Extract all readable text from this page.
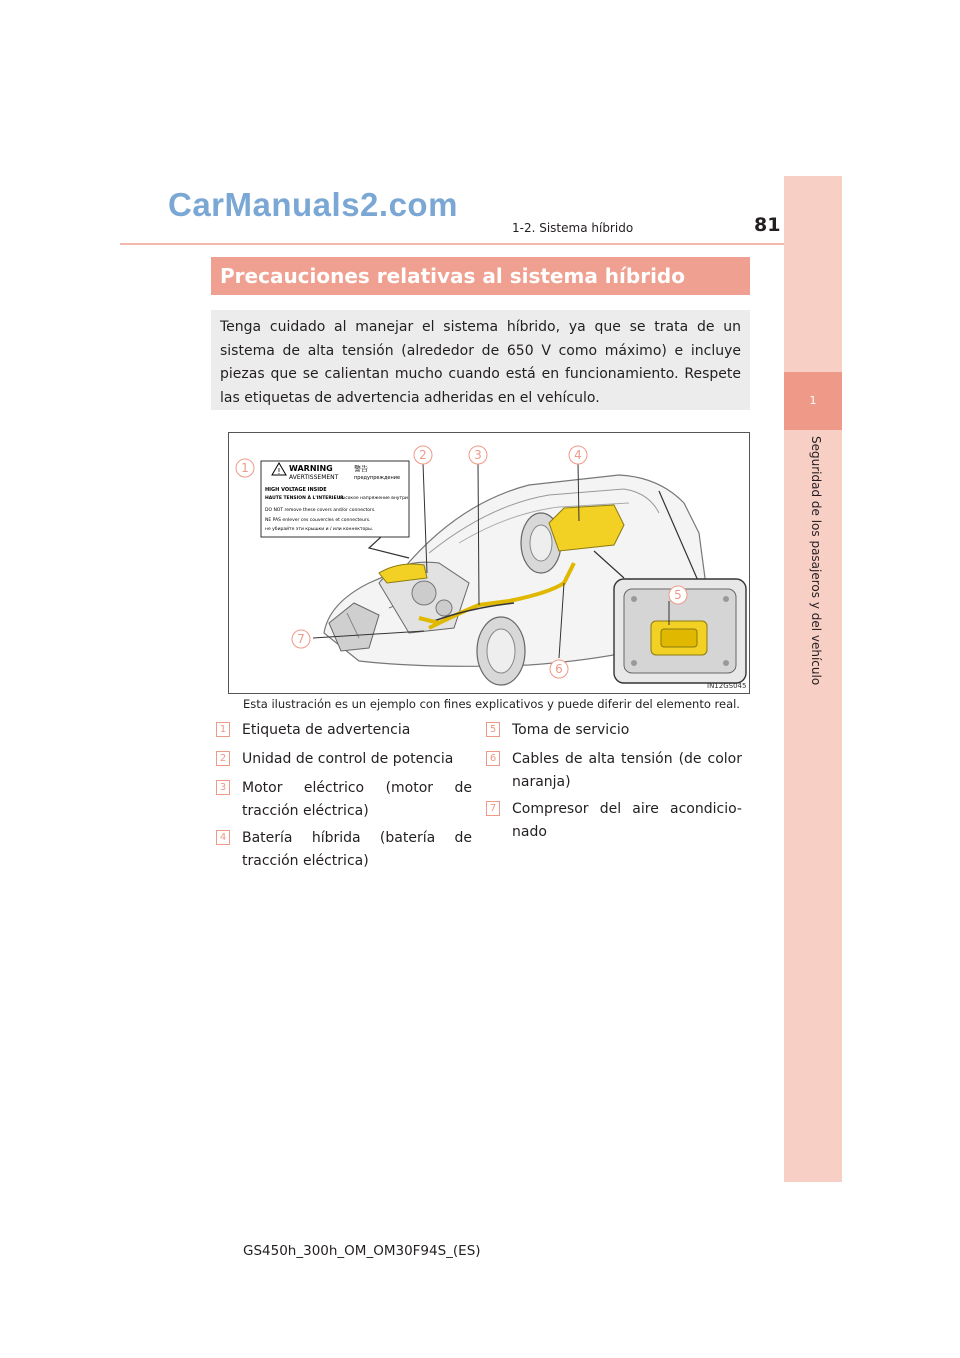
CarManuals2.com
1-2. Sistema híbrido	81
1
Seguridad de los pasajeros y del vehículo
Precauciones relativas al sistema híbrido
Tenga cuidado al manejar el sistema híbrido, ya que se trata de un sistema de alta tensión (alrededor de 650 V como máximo) e incluye piezas que se calientan mucho cuando está en funcionamiento. Respete las etiquetas de advertencia adheridas en el vehículo.
! WARNING	警告
AVERTISSEMENT	предупреждение
HIGH VOLTAGE INSIDE
HAUTE TENSION À L'INTERIEUR
высокое напряжение внутри
DO NOT remove these covers and/or connectors.
NE PAS enlever ces couvercles et connecteurs.
не убирайте эти крышки и / или коннекторы.
1
2	3	4
5
6
7
IN12GS045
Esta ilustración es un ejemplo con fines explicativos y puede diferir del elemento real.
1 Etiqueta de advertencia
2 Unidad de control de potencia
3 Motor eléctrico (motor de tracción eléctrica)
4 Batería híbrida (batería de tracción eléctrica)
5 Toma de servicio
6 Cables de alta tensión (de color naranja)
7 Compresor del aire acondicio- nado
GS450h_300h_OM_OM30F94S_(ES)
